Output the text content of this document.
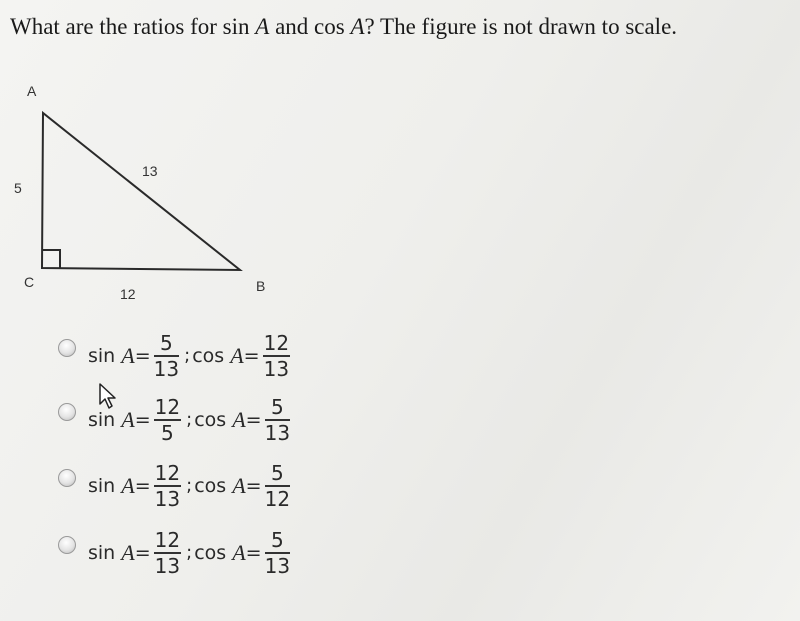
What are the ratios for sin A and cos A? The figure is not drawn to scale.
A
B
C
5
13
12
sin
$A = \frac{5}{13}$ ; cos
$A = \frac{12}{13}$
sin
$A = \frac{12}{5}$ ; cos
$A = \frac{5}{13}$
sin
$A = \frac{12}{13}$ ; cos
$A = \frac{5}{12}$
sin
$A = \frac{12}{13}$ ; cos
$A = \frac{5}{13}$
